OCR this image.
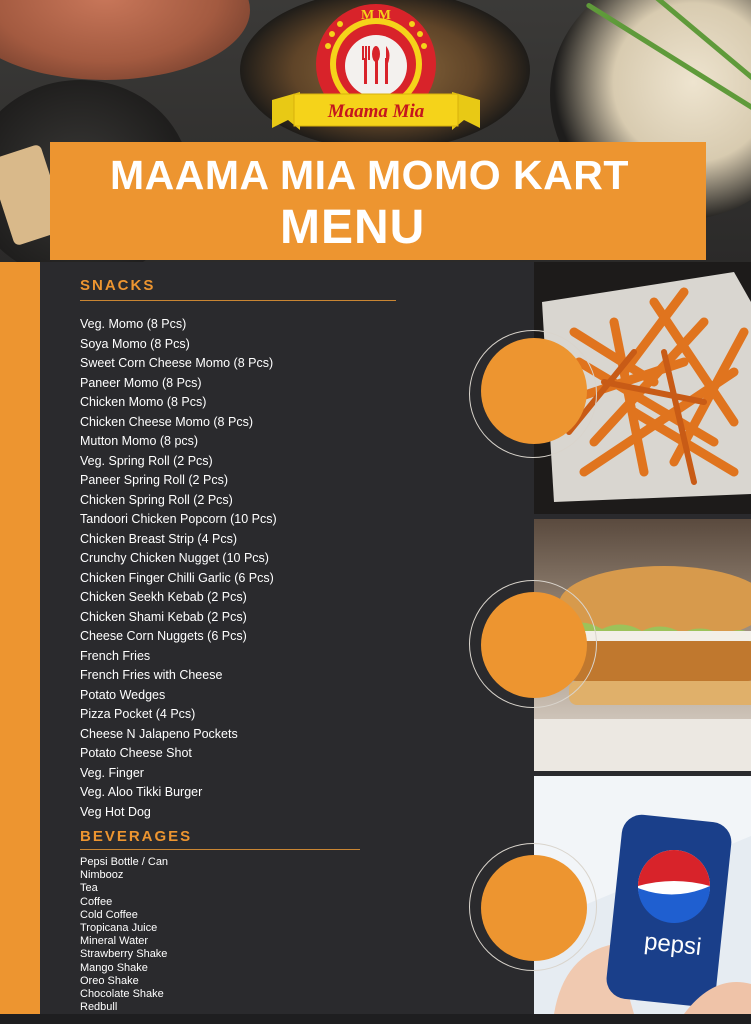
M M
Maama Mia
MAAMA MIA MOMO KART
MENU
SNACKS
Veg. Momo (8 Pcs)
Soya Momo (8 Pcs)
Sweet Corn Cheese Momo (8 Pcs)
Paneer Momo (8 Pcs)
Chicken Momo (8 Pcs)
Chicken Cheese Momo (8 Pcs)
Mutton Momo (8 pcs)
Veg. Spring Roll (2 Pcs)
Paneer Spring Roll (2 Pcs)
Chicken Spring Roll (2 Pcs)
Tandoori Chicken Popcorn (10 Pcs)
Chicken Breast Strip (4 Pcs)
Crunchy Chicken Nugget (10 Pcs)
Chicken Finger Chilli Garlic (6 Pcs)
Chicken Seekh Kebab (2 Pcs)
Chicken Shami Kebab (2 Pcs)
Cheese Corn Nuggets (6 Pcs)
French Fries
French Fries with Cheese
Potato Wedges
Pizza Pocket (4 Pcs)
Cheese N Jalapeno Pockets
Potato Cheese Shot
Veg. Finger
Veg. Aloo Tikki Burger
Veg Hot Dog
BEVERAGES
Pepsi Bottle / Can
Nimbooz
Tea
Coffee
Cold Coffee
Tropicana Juice
Mineral Water
Strawberry Shake
Mango Shake
Oreo Shake
Chocolate Shake
Redbull
pepsi
